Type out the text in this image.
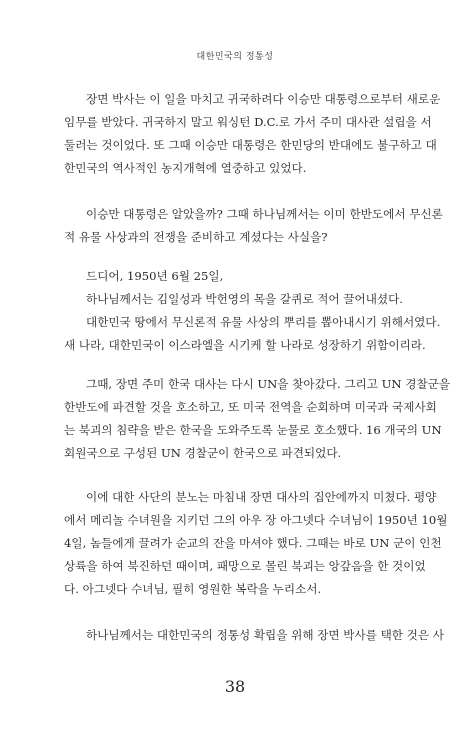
대한민국의 정통성

장면 박사는 이 일을 마치고 귀국하려다 이승만 대통령으로부터 새로운
임무를 받았다. 귀국하지 말고 워싱턴 D.C.로 가서 주미 대사관 설립을 서
둘러는 것이었다. 또 그때 이승만 대통령은 한민당의 반대에도 불구하고 대
한민국의 역사적인 농지개혁에 열중하고 있었다.

이승만 대통령은 알았을까? 그때 하나님께서는 이미 한반도에서 무신론
적 유물 사상과의 전쟁을 준비하고 계셨다는 사실을?

드디어, 1950년 6월 25일,
하나님께서는 김일성과 박헌영의 목을 갈퀴로 적어 끌어내셨다.
대한민국 땅에서 무신론적 유물 사상의 뿌리를 뽑아내시기 위해서였다.
새 나라, 대한민국이 이스라엘을 시기케 할 나라로 성장하기 위함이리라.

그때, 장면 주미 한국 대사는 다시 UN을 찾아갔다. 그리고 UN 경찰군을
한반도에 파견할 것을 호소하고, 또 미국 전역을 순회하며 미국과 국제사회
는 북괴의 침략을 받은 한국을 도와주도록 눈물로 호소했다. 16 개국의 UN
회원국으로 구성된 UN 경찰군이 한국으로 파견되었다.

이에 대한 사단의 분노는 마침내 장면 대사의 집안에까지 미쳤다. 평양
에서 메리놀 수녀원을 지키던 그의 아우 장 아그넷다 수녀님이 1950년 10월
4일, 놈들에게 끌려가 순교의 잔을 마셔야 했다. 그때는 바로 UN 군이 인천
상륙을 하여 북진하던 때이며, 패망으로 몰린 북괴는 앙갚음을 한 것이었
다. 아그넷다 수녀님, 필히 영원한 복락을 누리소서.

하나님께서는 대한민국의 정통성 확립을 위해 장면 박사를 택한 것은 사

38
